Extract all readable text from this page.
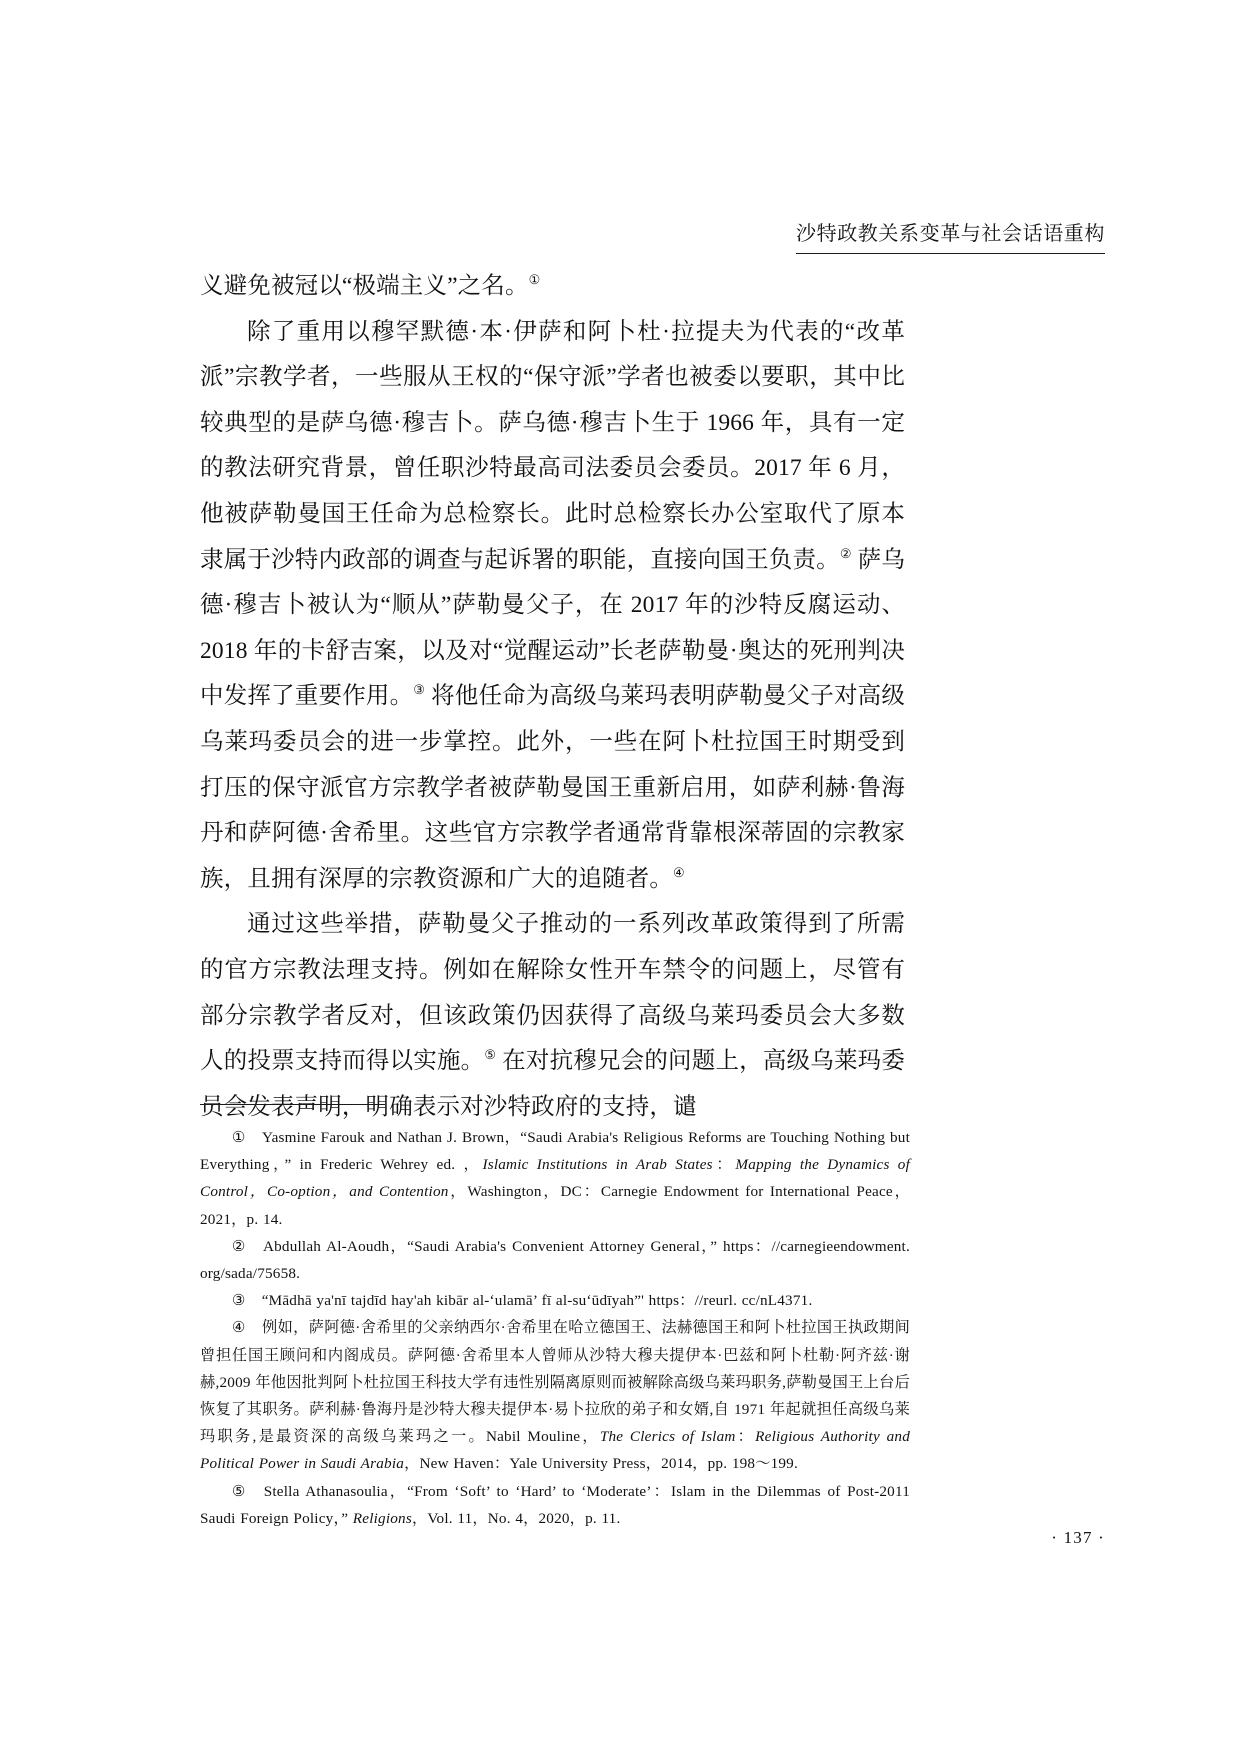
沙特政教关系变革与社会话语重构

义避免被冠以“极端主义”之名。①

除了重用以穆罕默德·本·伊萨和阿卜杜·拉提夫为代表的“改革派”宗教学者，一些服从王权的“保守派”学者也被委以要职，其中比较典型的是萨乌德·穆吉卜。萨乌德·穆吉卜生于 1966 年，具有一定的教法研究背景，曾任职沙特最高司法委员会委员。2017 年 6 月，他被萨勒曼国王任命为总检察长。此时总检察长办公室取代了原本隶属于沙特内政部的调查与起诉署的职能，直接向国王负责。② 萨乌德·穆吉卜被认为“顺从”萨勒曼父子，在 2017 年的沙特反腐运动、2018 年的卡舒吉案，以及对“觉醒运动”长老萨勒曼·奥达的死刑判决中发挥了重要作用。③ 将他任命为高级乌莱玛表明萨勒曼父子对高级乌莱玛委员会的进一步掌控。此外，一些在阿卜杜拉国王时期受到打压的保守派官方宗教学者被萨勒曼国王重新启用，如萨利赫·鲁海丹和萨阿德·舍希里。这些官方宗教学者通常背靠根深蒂固的宗教家族，且拥有深厚的宗教资源和广大的追随者。④

通过这些举措，萨勒曼父子推动的一系列改革政策得到了所需的官方宗教法理支持。例如在解除女性开车禁令的问题上，尽管有部分宗教学者反对，但该政策仍因获得了高级乌莱玛委员会大多数人的投票支持而得以实施。⑤ 在对抗穆兄会的问题上，高级乌莱玛委员会发表声明，明确表示对沙特政府的支持，谴

① Yasmine Farouk and Nathan J. Brown，“Saudi Arabia's Religious Reforms are Touching Nothing but Everything，” in Frederic Wehrey ed. ，Islamic Institutions in Arab States：Mapping the Dynamics of Control，Co-option，and Contention，Washington，DC：Carnegie Endowment for International Peace，2021，p. 14.

② Abdullah Al-Aoudh，“Saudi Arabia's Convenient Attorney General，” https：//carnegieendowment. org/sada/75658.

③ “Mādhā ya'nī tajdīd hay'ah kibār al-‘ulamā’ fī al-su‘ūdīyah”' https：//reurl. cc/nL4371.

④ 例如，萨阿德·舍希里的父亲纳西尔·舍希里在哈立德国王、法赫德国王和阿卜杜拉国王执政期间曾担任国王顾问和内阁成员。萨阿德·舍希里本人曾师从沙特大穆夫提伊本·巴兹和阿卜杜勒·阿齐兹·谢赫,2009 年他因批判阿卜杜拉国王科技大学有违性别隔离原则而被解除高级乌莱玛职务,萨勒曼国王上台后恢复了其职务。萨利赫·鲁海丹是沙特大穆夫提伊本·易卜拉欣的弟子和女婿,自 1971 年起就担任高级乌莱玛职务,是最资深的高级乌莱玛之一。Nabil Mouline，The Clerics of Islam：Religious Authority and Political Power in Saudi Arabia，New Haven：Yale University Press，2014，pp. 198～199.

⑤ Stella Athanasoulia，“From ‘Soft’ to ‘Hard’ to ‘Moderate’：Islam in the Dilemmas of Post-2011 Saudi Foreign Policy，” Religions，Vol. 11，No. 4，2020，p. 11.

· 137 ·
